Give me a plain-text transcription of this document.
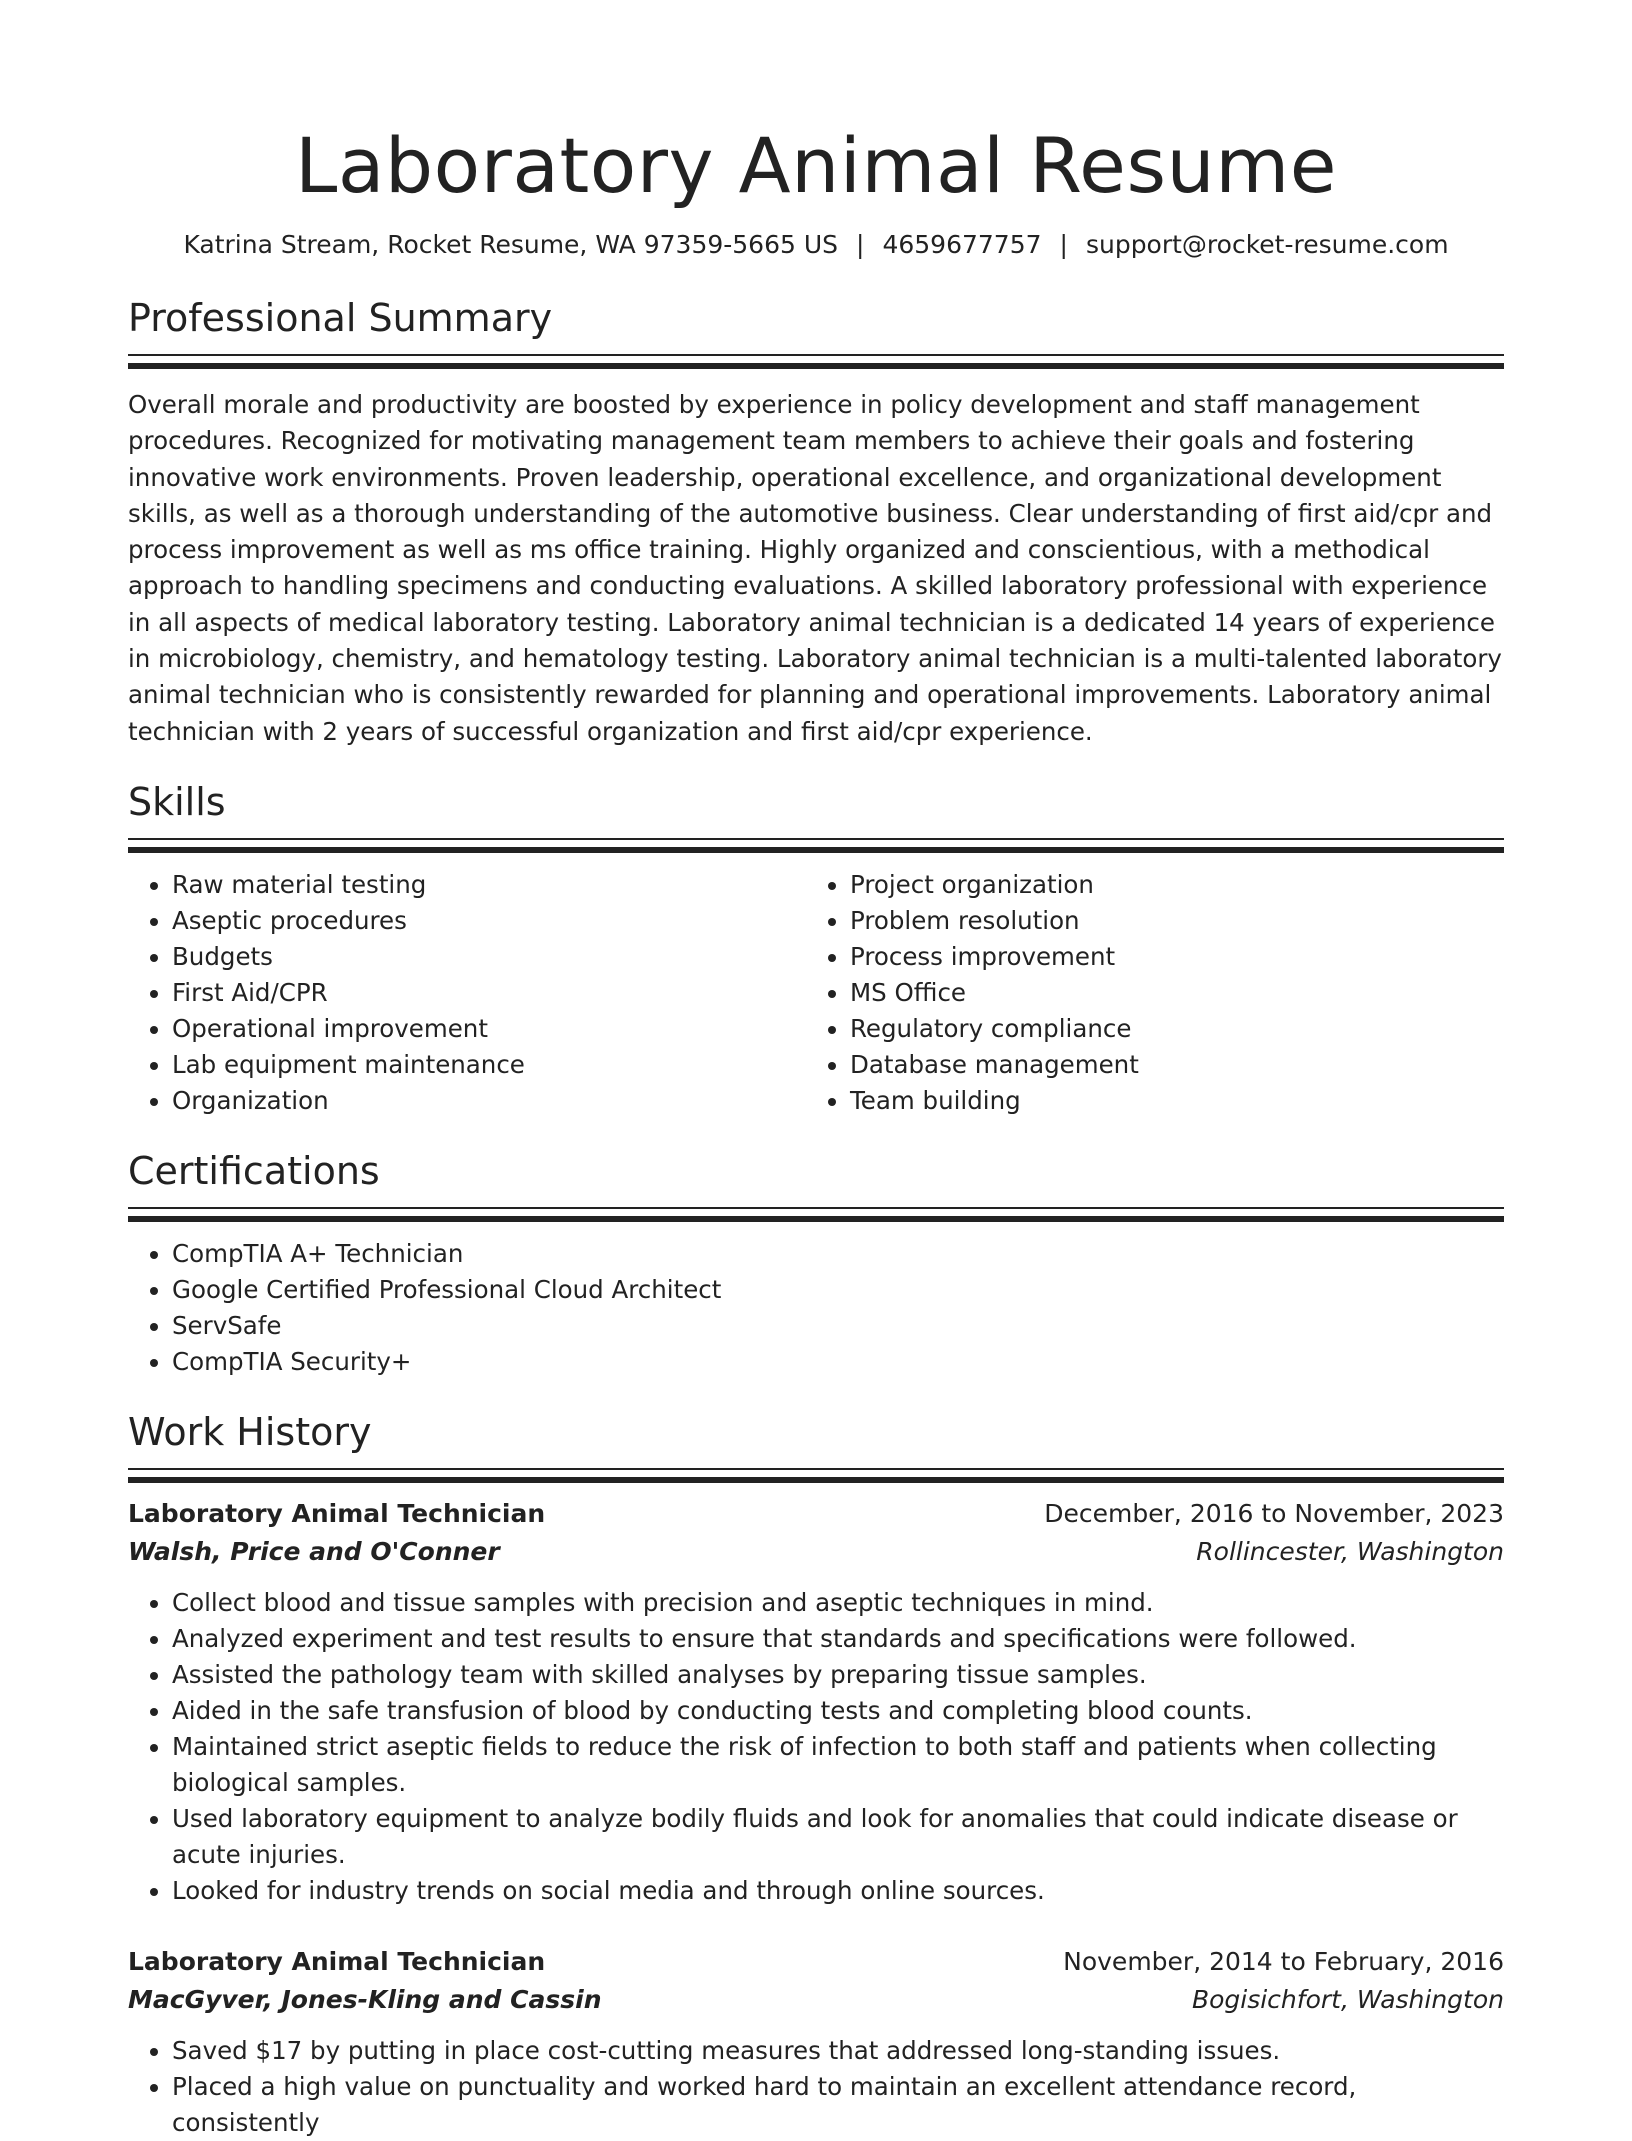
Laboratory Animal Resume
Katrina Stream, Rocket Resume, WA 97359-5665 US | 4659677757 | support@rocket-resume.com
Professional Summary

Overall morale and productivity are boosted by experience in policy development and staff management procedures. Recognized for motivating management team members to achieve their goals and fostering innovative work environments. Proven leadership, operational excellence, and organizational development skills, as well as a thorough understanding of the automotive business. Clear understanding of first aid/cpr and process improvement as well as ms office training. Highly organized and conscientious, with a methodical approach to handling specimens and conducting evaluations. A skilled laboratory professional with experience in all aspects of medical laboratory testing. Laboratory animal technician is a dedicated 14 years of experience in microbiology, chemistry, and hematology testing. Laboratory animal technician is a multi-talented laboratory animal technician who is consistently rewarded for planning and operational improvements. Laboratory animal technician with 2 years of successful organization and first aid/cpr experience.

Skills
• Raw material testing
• Aseptic procedures
• Budgets
• First Aid/CPR
• Operational improvement
• Lab equipment maintenance
• Organization
• Project organization
• Problem resolution
• Process improvement
• MS Office
• Regulatory compliance
• Database management
• Team building
Certifications
• CompTIA A+ Technician
• Google Certified Professional Cloud Architect
• ServSafe
• CompTIA Security+
Work History
Laboratory Animal Technician	December, 2016 to November, 2023
Walsh, Price and O'Conner	Rollincester, Washington
• Collect blood and tissue samples with precision and aseptic techniques in mind.
• Analyzed experiment and test results to ensure that standards and specifications were followed.
• Assisted the pathology team with skilled analyses by preparing tissue samples.
• Aided in the safe transfusion of blood by conducting tests and completing blood counts.
• Maintained strict aseptic fields to reduce the risk of infection to both staff and patients when collecting biological samples.
• Used laboratory equipment to analyze bodily fluids and look for anomalies that could indicate disease or acute injuries.
• Looked for industry trends on social media and through online sources.
Laboratory Animal Technician	November, 2014 to February, 2016
MacGyver, Jones-Kling and Cassin	Bogisichfort, Washington
• Saved $17 by putting in place cost-cutting measures that addressed long-standing issues.
• Placed a high value on punctuality and worked hard to maintain an excellent attendance record, consistently
